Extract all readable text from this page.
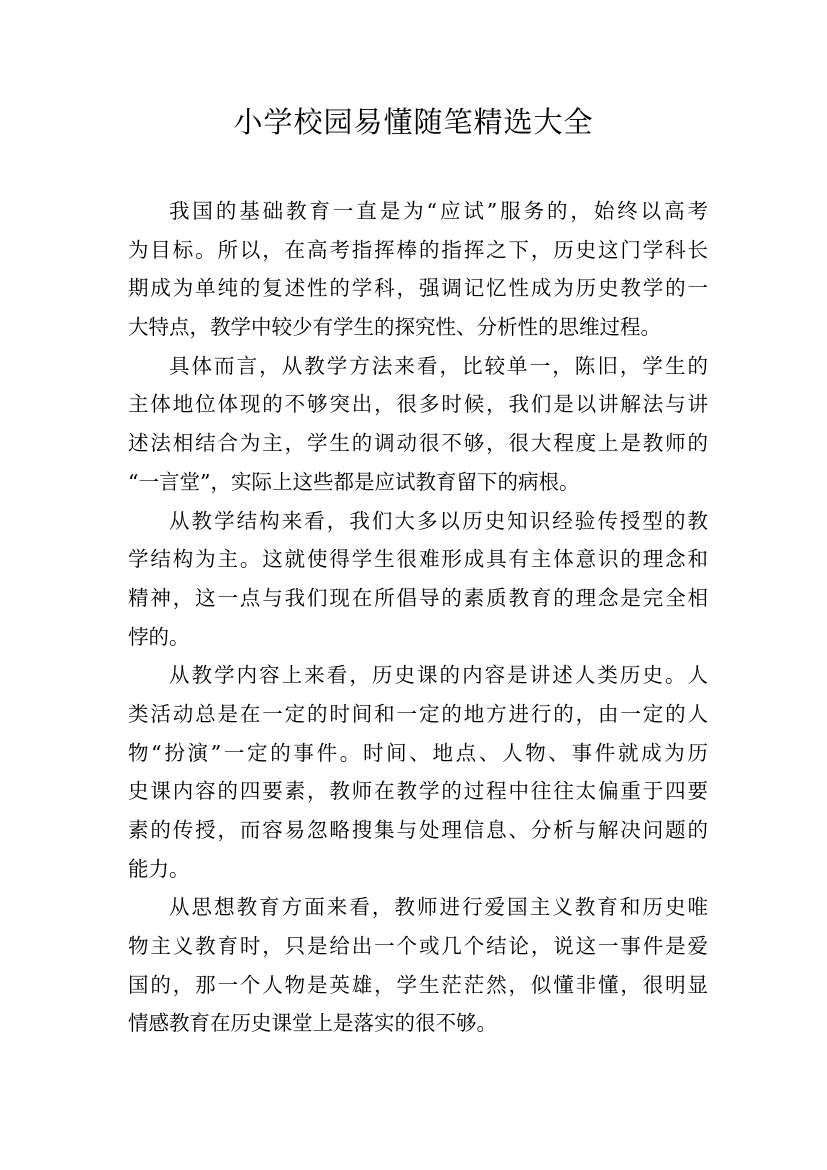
小学校园易懂随笔精选大全
我国的基础教育一直是为“应试”服务的，始终以高考
为目标。所以，在高考指挥棒的指挥之下，历史这门学科长
期成为单纯的复述性的学科，强调记忆性成为历史教学的一
大特点，教学中较少有学生的探究性、分析性的思维过程。
具体而言，从教学方法来看，比较单一，陈旧，学生的
主体地位体现的不够突出，很多时候，我们是以讲解法与讲
述法相结合为主，学生的调动很不够，很大程度上是教师的
“一言堂”，实际上这些都是应试教育留下的病根。
从教学结构来看，我们大多以历史知识经验传授型的教
学结构为主。这就使得学生很难形成具有主体意识的理念和
精神，这一点与我们现在所倡导的素质教育的理念是完全相
悖的。
从教学内容上来看，历史课的内容是讲述人类历史。人
类活动总是在一定的时间和一定的地方进行的，由一定的人
物“扮演”一定的事件。时间、地点、人物、事件就成为历
史课内容的四要素，教师在教学的过程中往往太偏重于四要
素的传授，而容易忽略搜集与处理信息、分析与解决问题的
能力。
从思想教育方面来看，教师进行爱国主义教育和历史唯
物主义教育时，只是给出一个或几个结论，说这一事件是爱
国的，那一个人物是英雄，学生茫茫然，似懂非懂，很明显
情感教育在历史课堂上是落实的很不够。
